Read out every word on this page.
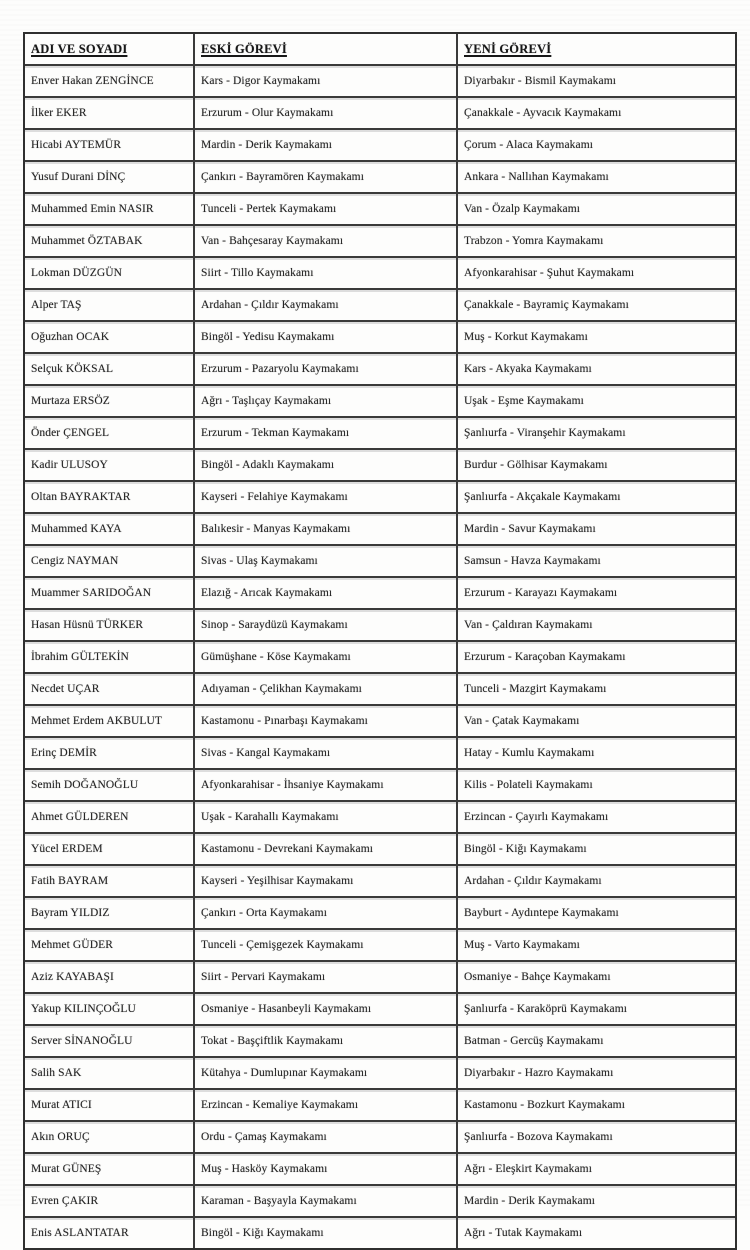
ADI VE SOYADI	ESKİ GÖREVİ	YENİ GÖREVİ
Enver Hakan ZENGİNCE	Kars - Digor Kaymakamı	Diyarbakır - Bismil Kaymakamı
İlker EKER	Erzurum - Olur Kaymakamı	Çanakkale - Ayvacık Kaymakamı
Hicabi AYTEMÜR	Mardin - Derik Kaymakamı	Çorum - Alaca Kaymakamı
Yusuf Durani DİNÇ	Çankırı - Bayramören Kaymakamı	Ankara - Nallıhan Kaymakamı
Muhammed Emin NASIR	Tunceli - Pertek Kaymakamı	Van - Özalp Kaymakamı
Muhammet ÖZTABAK	Van - Bahçesaray Kaymakamı	Trabzon - Yomra Kaymakamı
Lokman DÜZGÜN	Siirt - Tillo Kaymakamı	Afyonkarahisar - Şuhut Kaymakamı
Alper TAŞ	Ardahan - Çıldır Kaymakamı	Çanakkale - Bayramiç Kaymakamı
Oğuzhan OCAK	Bingöl - Yedisu Kaymakamı	Muş - Korkut Kaymakamı
Selçuk KÖKSAL	Erzurum - Pazaryolu Kaymakamı	Kars - Akyaka Kaymakamı
Murtaza ERSÖZ	Ağrı - Taşlıçay Kaymakamı	Uşak - Eşme Kaymakamı
Önder ÇENGEL	Erzurum - Tekman Kaymakamı	Şanlıurfa - Viranşehir Kaymakamı
Kadir ULUSOY	Bingöl - Adaklı Kaymakamı	Burdur - Gölhisar Kaymakamı
Oltan BAYRAKTAR	Kayseri - Felahiye Kaymakamı	Şanlıurfa - Akçakale Kaymakamı
Muhammed KAYA	Balıkesir - Manyas Kaymakamı	Mardin - Savur Kaymakamı
Cengiz NAYMAN	Sivas - Ulaş Kaymakamı	Samsun - Havza Kaymakamı
Muammer SARIDOĞAN	Elazığ - Arıcak Kaymakamı	Erzurum - Karayazı Kaymakamı
Hasan Hüsnü TÜRKER	Sinop - Saraydüzü Kaymakamı	Van - Çaldıran Kaymakamı
İbrahim GÜLTEKİN	Gümüşhane - Köse Kaymakamı	Erzurum - Karaçoban Kaymakamı
Necdet UÇAR	Adıyaman - Çelikhan Kaymakamı	Tunceli - Mazgirt Kaymakamı
Mehmet Erdem AKBULUT	Kastamonu - Pınarbaşı Kaymakamı	Van - Çatak Kaymakamı
Erinç DEMİR	Sivas - Kangal Kaymakamı	Hatay - Kumlu Kaymakamı
Semih DOĞANOĞLU	Afyonkarahisar - İhsaniye Kaymakamı	Kilis - Polateli Kaymakamı
Ahmet GÜLDEREN	Uşak - Karahallı Kaymakamı	Erzincan - Çayırlı Kaymakamı
Yücel ERDEM	Kastamonu - Devrekani Kaymakamı	Bingöl - Kiğı Kaymakamı
Fatih BAYRAM	Kayseri - Yeşilhisar Kaymakamı	Ardahan - Çıldır Kaymakamı
Bayram YILDIZ	Çankırı - Orta Kaymakamı	Bayburt - Aydıntepe Kaymakamı
Mehmet GÜDER	Tunceli - Çemişgezek Kaymakamı	Muş - Varto Kaymakamı
Aziz KAYABAŞI	Siirt - Pervari Kaymakamı	Osmaniye - Bahçe Kaymakamı
Yakup KILINÇOĞLU	Osmaniye - Hasanbeyli Kaymakamı	Şanlıurfa - Karaköprü Kaymakamı
Server SİNANOĞLU	Tokat - Başçiftlik Kaymakamı	Batman - Gercüş Kaymakamı
Salih SAK	Kütahya - Dumlupınar Kaymakamı	Diyarbakır - Hazro Kaymakamı
Murat ATICI	Erzincan - Kemaliye Kaymakamı	Kastamonu - Bozkurt Kaymakamı
Akın ORUÇ	Ordu - Çamaş Kaymakamı	Şanlıurfa - Bozova Kaymakamı
Murat GÜNEŞ	Muş - Hasköy Kaymakamı	Ağrı - Eleşkirt Kaymakamı
Evren ÇAKIR	Karaman - Başyayla Kaymakamı	Mardin - Derik Kaymakamı
Enis ASLANTATAR	Bingöl - Kiğı Kaymakamı	Ağrı - Tutak Kaymakamı
